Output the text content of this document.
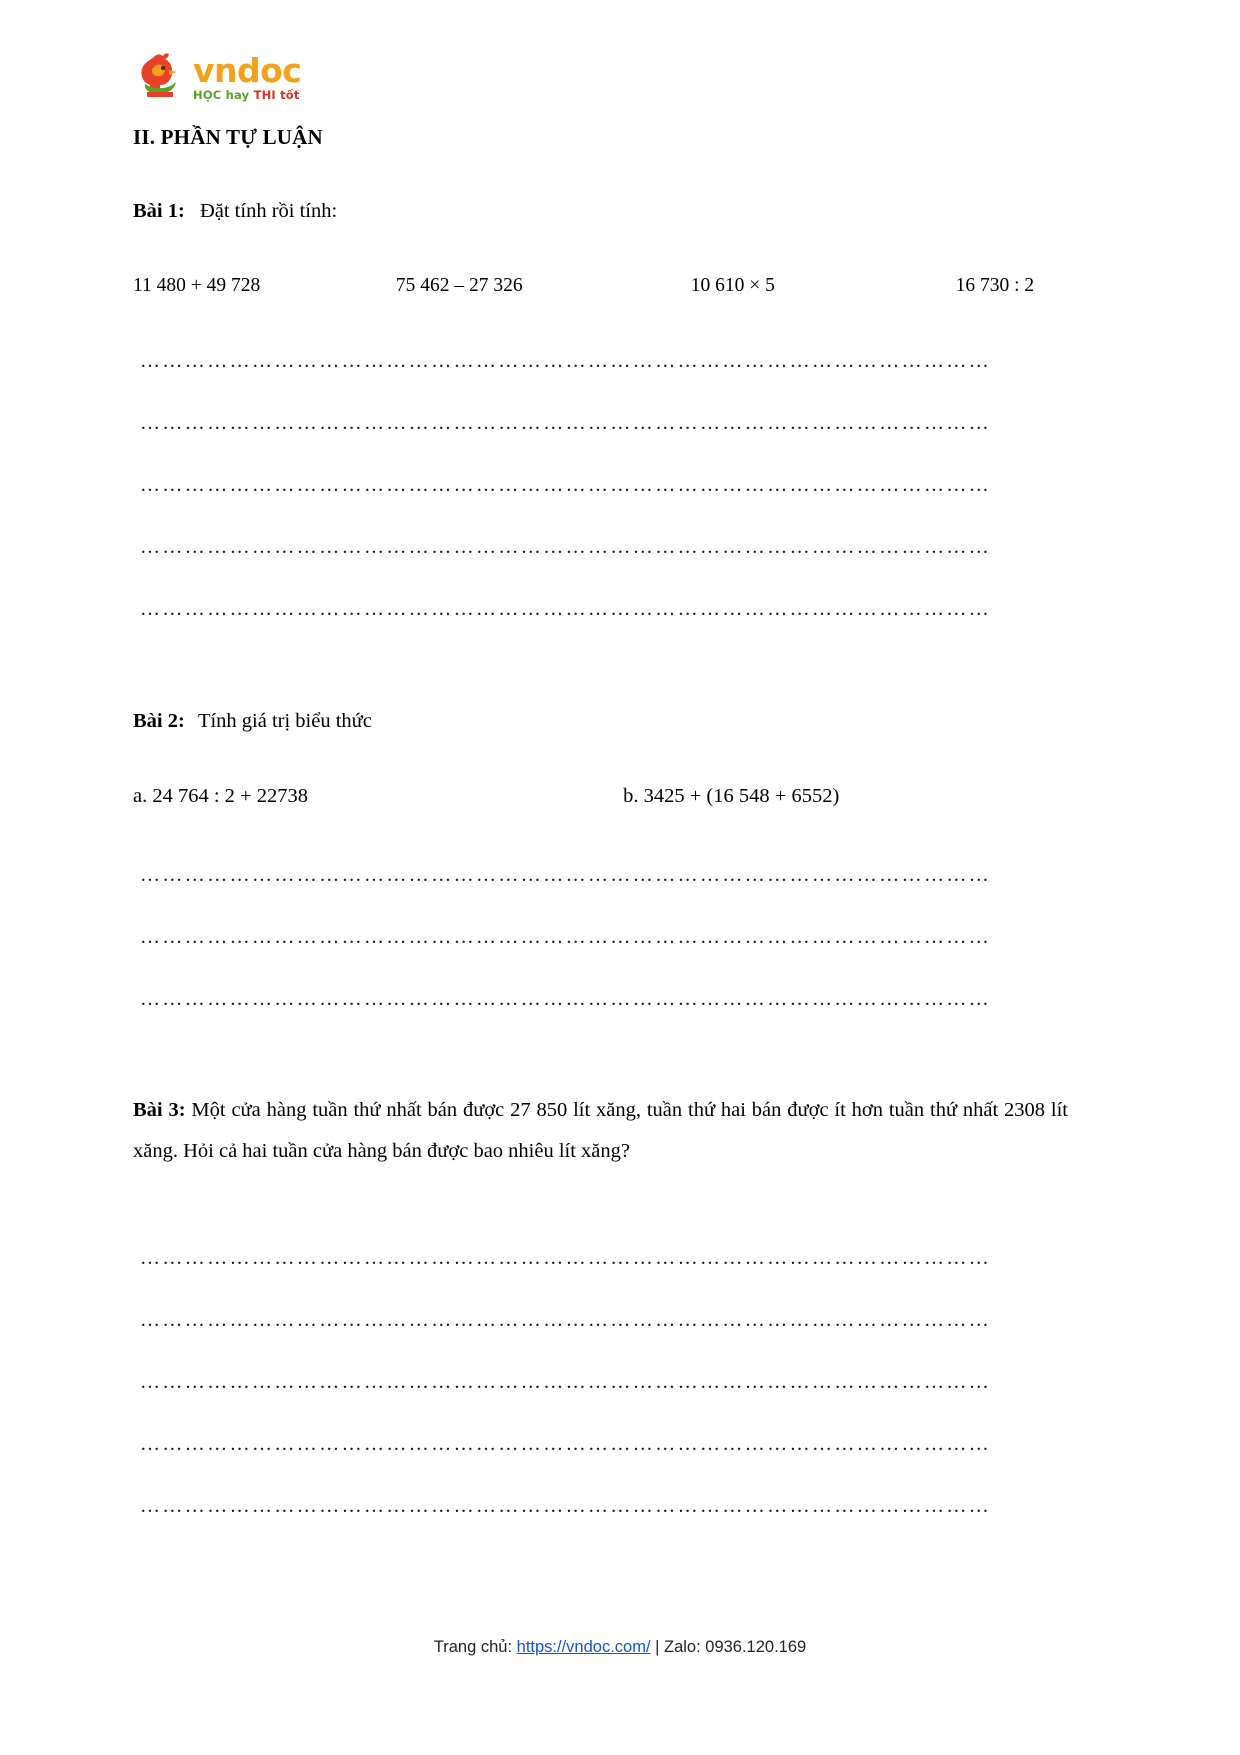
vndoc
HỌC hay THI tốt
II. PHẦN TỰ LUẬN
Bài 1: Đặt tính rồi tính:
11 480 + 49 728	75 462 – 27 326	10 610 × 5	16 730 : 2
……………………………………………………………………………………………………
……………………………………………………………………………………………………
……………………………………………………………………………………………………
……………………………………………………………………………………………………
……………………………………………………………………………………………………
Bài 2: Tính giá trị biểu thức
a. 24 764 : 2 + 22738	b. 3425 + (16 548 + 6552)
……………………………………………………………………………………………………
……………………………………………………………………………………………………
……………………………………………………………………………………………………
Bài 3: Một cửa hàng tuần thứ nhất bán được 27 850 lít xăng, tuần thứ hai bán được ít hơn tuần thứ nhất 2308 lít xăng. Hỏi cả hai tuần cửa hàng bán được bao nhiêu lít xăng?
……………………………………………………………………………………………………
……………………………………………………………………………………………………
……………………………………………………………………………………………………
……………………………………………………………………………………………………
……………………………………………………………………………………………………
Trang chủ: https://vndoc.com/ | Zalo: 0936.120.169
